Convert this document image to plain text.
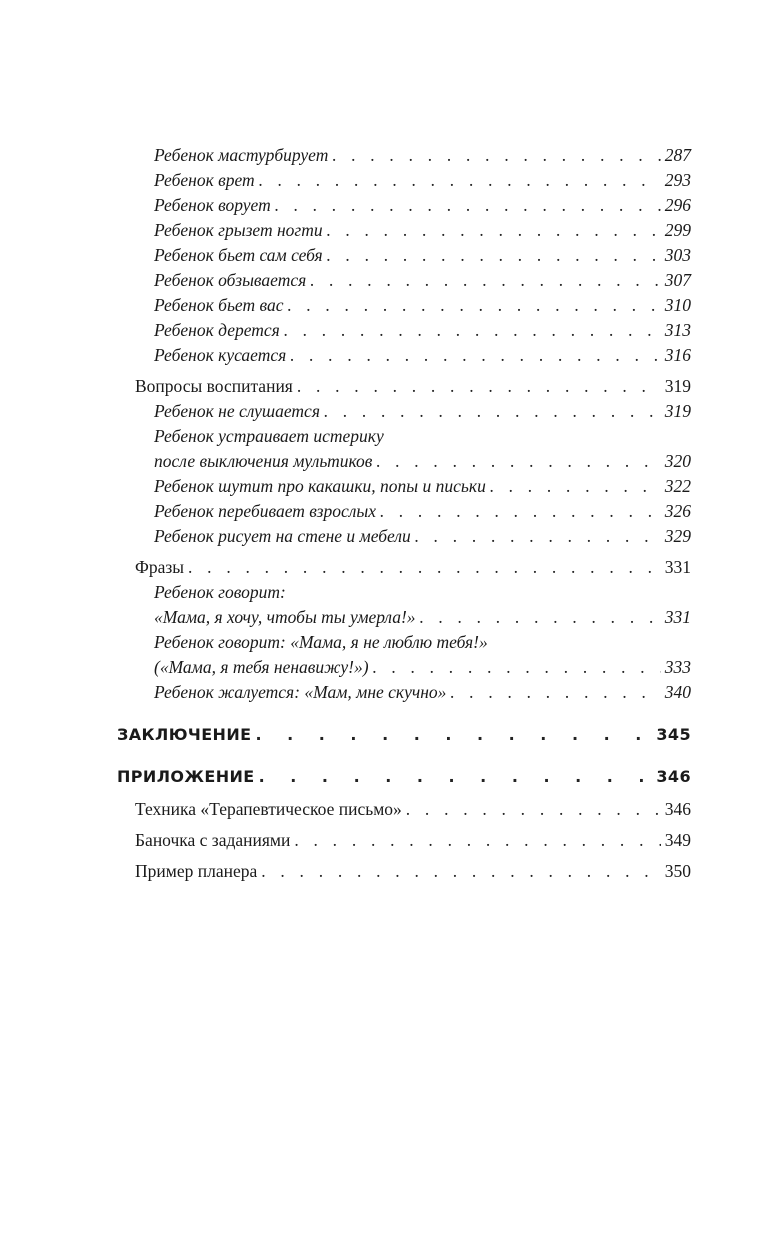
Ребенок мастурбирует . . .	287
Ребенок врет . . .	293
Ребенок ворует . . .	296
Ребенок грызет ногти . . .	299
Ребенок бьет сам себя . . .	303
Ребенок обзывается . . .	307
Ребенок бьет вас . . .	310
Ребенок дерется . . .	313
Ребенок кусается . . .	316
Вопросы воспитания . . .	319
Ребенок не слушается . . .	319
Ребенок устраивает истерику
после выключения мультиков . . .	320
Ребенок шутит про какашки, попы и письки . . .	322
Ребенок перебивает взрослых . . .	326
Ребенок рисует на стене и мебели . . .	329
Фразы . . .	331
Ребенок говорит:
«Мама, я хочу, чтобы ты умерла!» . . .	331
Ребенок говорит: «Мама, я не люблю тебя!»
(«Мама, я тебя ненавижу!») . . .	333
Ребенок жалуется: «Мам, мне скучно» . . .	340
ЗАКЛЮЧЕНИЕ . . .	345
ПРИЛОЖЕНИЕ . . .	346
Техника «Терапевтическое письмо» . . .	346
Баночка с заданиями . . .	349
Пример планера . . .	350
